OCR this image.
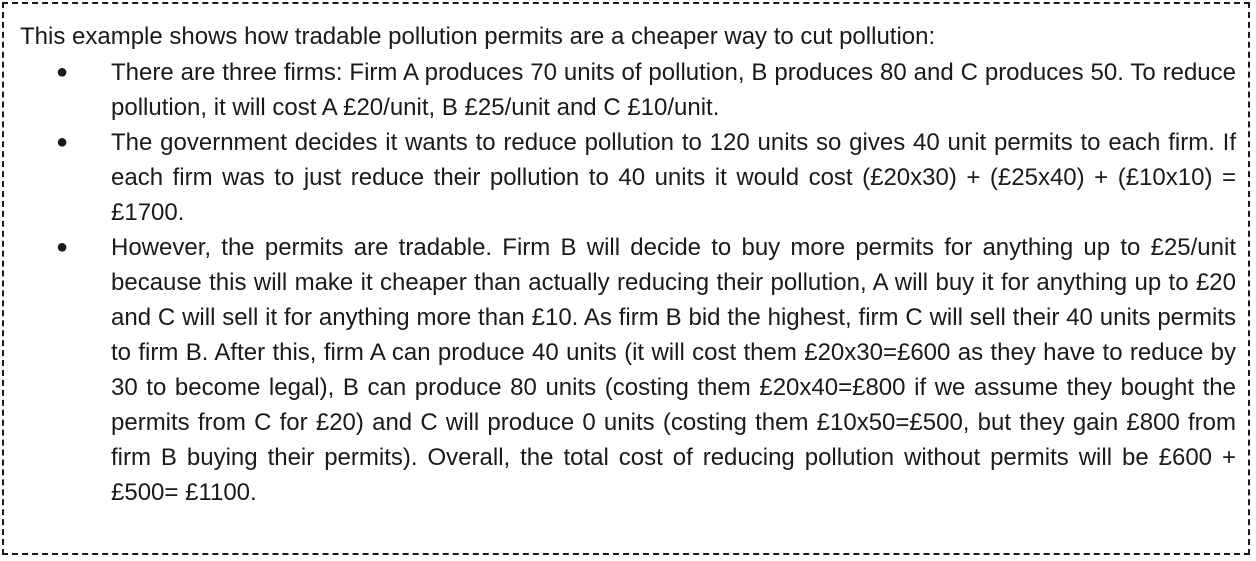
This example shows how tradable pollution permits are a cheaper way to cut pollution:
● There are three firms: Firm A produces 70 units of pollution, B produces 80 and C produces 50. To reduce pollution, it will cost A £20/unit, B £25/unit and C £10/unit.
● The government decides it wants to reduce pollution to 120 units so gives 40 unit permits to each firm. If each firm was to just reduce their pollution to 40 units it would cost (£20x30) + (£25x40) + (£10x10) = £1700.
● However, the permits are tradable. Firm B will decide to buy more permits for anything up to £25/unit because this will make it cheaper than actually reducing their pollution, A will buy it for anything up to £20 and C will sell it for anything more than £10. As firm B bid the highest, firm C will sell their 40 units permits to firm B. After this, firm A can produce 40 units (it will cost them £20x30=£600 as they have to reduce by 30 to become legal), B can produce 80 units (costing them £20x40=£800 if we assume they bought the permits from C for £20) and C will produce 0 units (costing them £10x50=£500, but they gain £800 from firm B buying their permits). Overall, the total cost of reducing pollution without permits will be £600 + £500= £1100.
